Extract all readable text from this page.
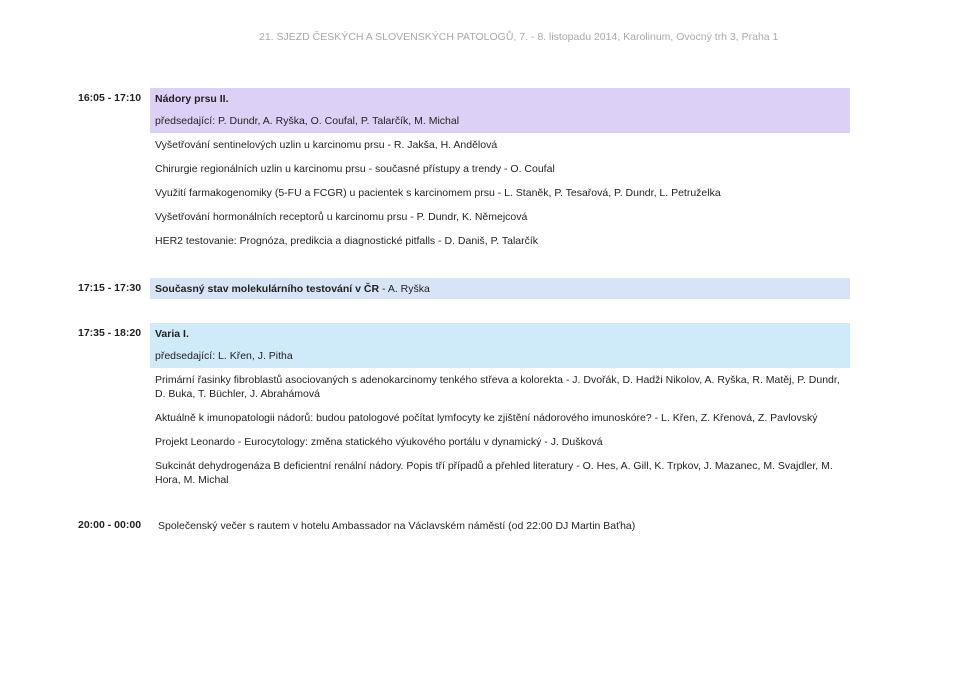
21. SJEZD ČESKÝCH A SLOVENSKÝCH PATOLOGŮ, 7. - 8. listopadu 2014, Karolinum, Ovocný trh 3, Praha 1
16:05 - 17:10 Nádory prsu II.
předsedající: P. Dundr, A. Ryška, O. Coufal, P. Talarčík, M. Michal
Vyšetřování sentinelových uzlin u karcinomu prsu - R. Jakša, H. Andělová
Chirurgie regionálních uzlin u karcinomu prsu - současné přístupy a trendy - O. Coufal
Využití farmakogenomiky (5-FU a FCGR) u pacientek s karcinomem prsu - L. Staněk, P. Tesařová, P. Dundr, L. Petruželka
Vyšetřování hormonálních receptorů u karcinomu prsu - P. Dundr, K. Němejcová
HER2 testovanie: Prognóza, predikcia a diagnostické pitfalls - D. Daniš, P. Talarčík
17:15 - 17:30 Současný stav molekulárního testování v ČR - A. Ryška
17:35 - 18:20 Varia I.
předsedající: L. Křen, J. Pitha
Primární řasinky fibroblastů asociovaných s adenokarcinomy tenkého střeva a kolorekta - J. Dvořák, D. Hadži Nikolov, A. Ryška, R. Matěj, P. Dundr, D. Buka, T. Büchler, J. Abrahámová
Aktuálně k imunopatologii nádorů: budou patologové počítat lymfocyty ke zjištění nádorového imunoskóre? - L. Křen, Z. Křenová, Z. Pavlovský
Projekt Leonardo - Eurocytology: změna statického výukového portálu v dynamický - J. Dušková
Sukcinát dehydrogenáza B deficientní renální nádory. Popis tří případů a přehled literatury - O. Hes, A. Gill, K. Trpkov, J. Mazanec, M. Svajdler, M. Hora, M. Michal
20:00 - 00:00 Společenský večer s rautem v hotelu Ambassador na Václavském náměstí (od 22:00 DJ Martin Baťha)
